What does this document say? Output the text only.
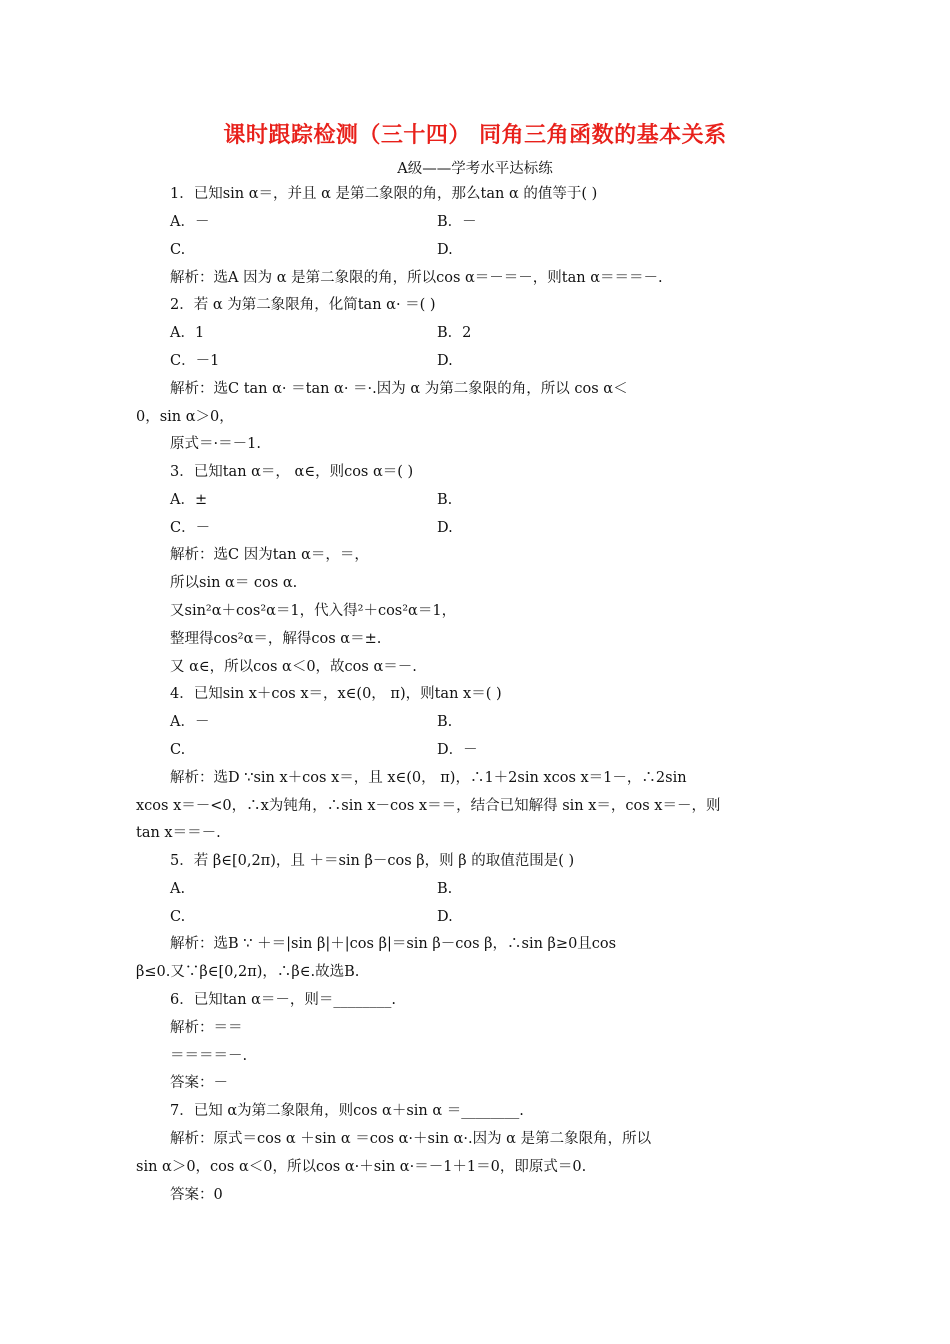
课时跟踪检测（三十四） 同角三角函数的基本关系
A级——学考水平达标练
1．已知sin α＝，并且 α 是第二象限的角，那么tan α 的值等于( )
A．－	B．－
C.	D.
解析：选A 因为 α 是第二象限的角，所以cos α＝－＝－，则tan α＝＝＝－.
2．若 α 为第二象限角，化简tan α· ＝( )
A．1	B．2
C．－1	D.
解析：选C tan α· ＝tan α· ＝·.因为 α 为第二象限的角，所以 cos α＜
0，sin α＞0，
原式＝·＝－1.
3．已知tan α＝， α∈，则cos α＝( )
A．±	B.
C．－	D.
解析：选C 因为tan α＝，＝，
所以sin α＝ cos α.
又sin²α＋cos²α＝1，代入得²＋cos²α＝1，
整理得cos²α＝，解得cos α＝±.
又 α∈，所以cos α＜0，故cos α＝－.
4．已知sin x＋cos x＝，x∈(0， π)，则tan x＝( )
A．－	B.
C.	D．－
解析：选D ∵sin x＋cos x＝，且 x∈(0， π)，∴1＋2sin xcos x＝1－，∴2sin
xcos x＝－<0，∴x为钝角，∴sin x－cos x＝＝，结合已知解得 sin x＝，cos x＝－，则
tan x＝＝－.
5．若 β∈[0,2π)，且 ＋＝sin β－cos β，则 β 的取值范围是( )
A.	B.
C.	D.
解析：选B ∵ ＋＝|sin β|＋|cos β|＝sin β－cos β，∴sin β≥0且cos
β≤0.又∵β∈[0,2π)，∴β∈.故选B.
6．已知tan α＝－，则＝________.
解析：＝＝
＝＝＝＝－.
答案：－
7．已知 α为第二象限角，则cos α＋sin α ＝________.
解析：原式＝cos α ＋sin α ＝cos α·＋sin α·.因为 α 是第二象限角，所以
sin α＞0，cos α＜0，所以cos α·＋sin α·＝－1＋1＝0，即原式＝0.
答案：0
